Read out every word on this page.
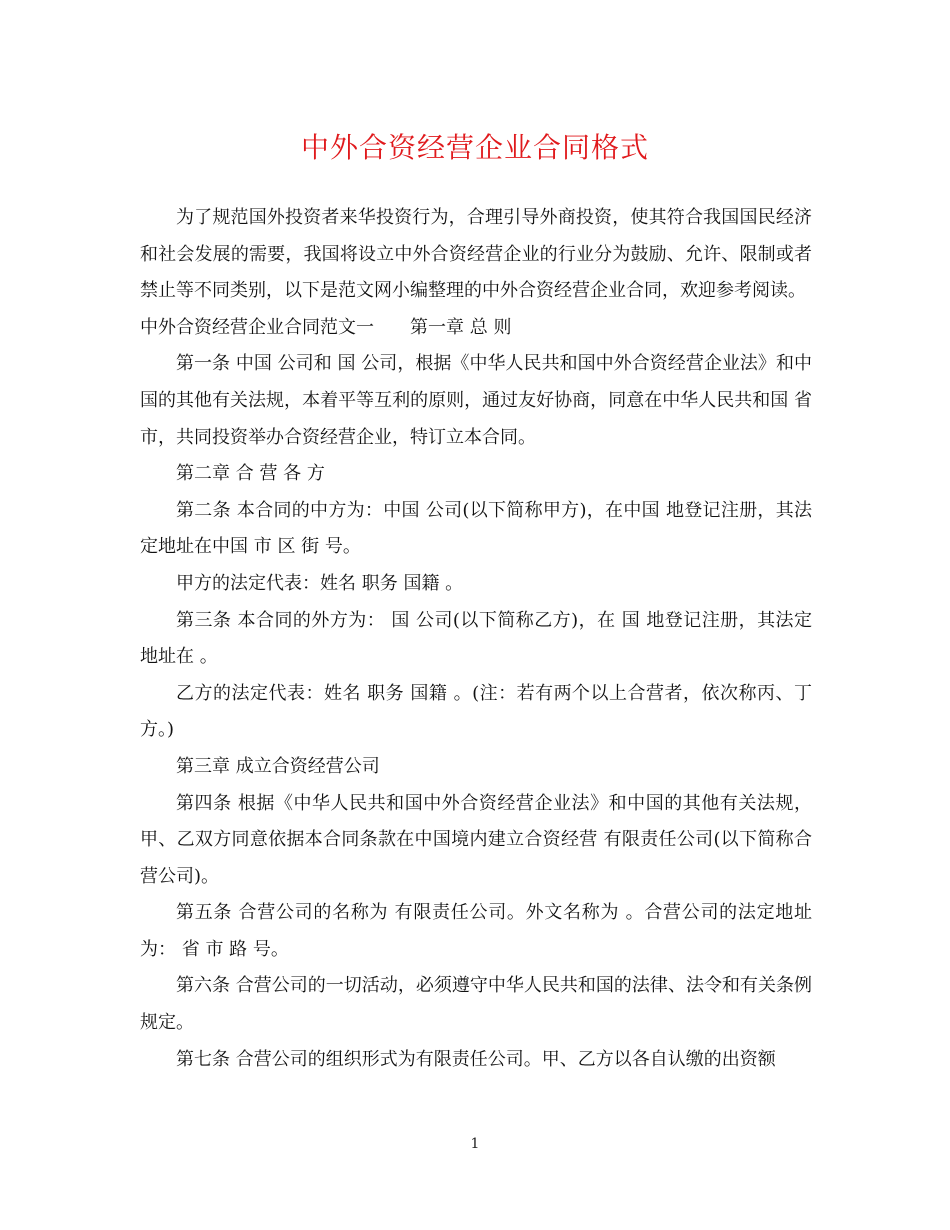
中外合资经营企业合同格式

为了规范国外投资者来华投资行为，合理引导外商投资，使其符合我国国民经济和社会发展的需要，我国将设立中外合资经营企业的行业分为鼓励、允许、限制或者禁止等不同类别，以下是范文网小编整理的中外合资经营企业合同，欢迎参考阅读。

中外合资经营企业合同范文一　　第一章 总 则

第一条 中国 公司和 国 公司，根据《中华人民共和国中外合资经营企业法》和中国的其他有关法规，本着平等互利的原则，通过友好协商，同意在中华人民共和国 省 市，共同投资举办合资经营企业，特订立本合同。

第二章 合 营 各 方

第二条 本合同的中方为：中国 公司(以下简称甲方)，在中国 地登记注册，其法定地址在中国 市 区 街 号。

甲方的法定代表：姓名 职务 国籍 。

第三条 本合同的外方为： 国 公司(以下简称乙方)，在 国 地登记注册，其法定地址在 。

乙方的法定代表：姓名 职务 国籍 。(注：若有两个以上合营者，依次称丙、丁方。)

第三章 成立合资经营公司

第四条 根据《中华人民共和国中外合资经营企业法》和中国的其他有关法规，甲、乙双方同意依据本合同条款在中国境内建立合资经营 有限责任公司(以下简称合营公司)。

第五条 合营公司的名称为 有限责任公司。外文名称为 。合营公司的法定地址为： 省 市 路 号。

第六条 合营公司的一切活动，必须遵守中华人民共和国的法律、法令和有关条例规定。

第七条 合营公司的组织形式为有限责任公司。甲、乙方以各自认缴的出资额

1
